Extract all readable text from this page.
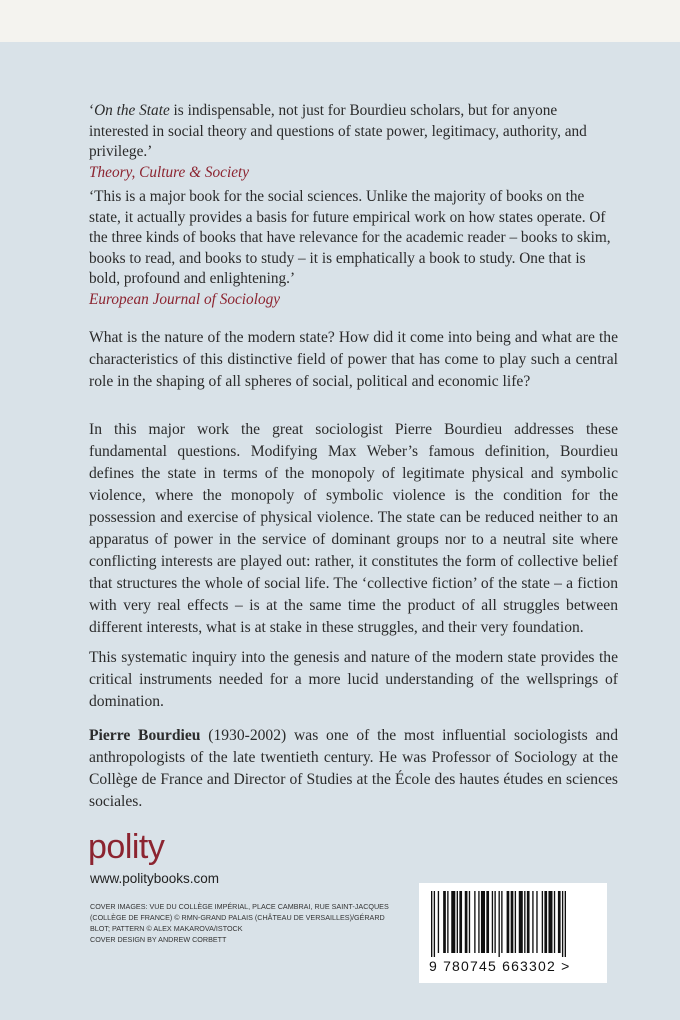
‘On the State is indispensable, not just for Bourdieu scholars, but for anyone interested in social theory and questions of state power, legitimacy, authority, and privilege.’
Theory, Culture & Society
‘This is a major book for the social sciences. Unlike the majority of books on the state, it actually provides a basis for future empirical work on how states operate. Of the three kinds of books that have relevance for the academic reader – books to skim, books to read, and books to study – it is emphatically a book to study. One that is bold, profound and enlightening.’
European Journal of Sociology

What is the nature of the modern state? How did it come into being and what are the characteristics of this distinctive field of power that has come to play such a central role in the shaping of all spheres of social, political and economic life?

In this major work the great sociologist Pierre Bourdieu addresses these fundamental questions. Modifying Max Weber’s famous definition, Bourdieu defines the state in terms of the monopoly of legitimate physical and symbolic violence, where the monopoly of symbolic violence is the condition for the possession and exercise of physical violence. The state can be reduced neither to an apparatus of power in the service of dominant groups nor to a neutral site where conflicting interests are played out: rather, it constitutes the form of collective belief that structures the whole of social life. The ‘collective fiction’ of the state – a fiction with very real effects – is at the same time the product of all struggles between different interests, what is at stake in these struggles, and their very foundation.

This systematic inquiry into the genesis and nature of the modern state provides the critical instruments needed for a more lucid understanding of the wellsprings of domination.

Pierre Bourdieu (1930-2002) was one of the most influential sociologists and anthropologists of the late twentieth century. He was Professor of Sociology at the Collège de France and Director of Studies at the École des hautes études en sciences sociales.

polity
www.politybooks.com
COVER IMAGES: VUE DU COLLÈGE IMPÉRIAL, PLACE CAMBRAI, RUE SAINT-JACQUES (COLLÈGE DE FRANCE) © RMN-GRAND PALAIS (CHÂTEAU DE VERSAILLES)/GÉRARD BLOT; PATTERN © ALEX MAKAROVA/ISTOCK
COVER DESIGN BY ANDREW CORBETT
9 780745 663302 >
